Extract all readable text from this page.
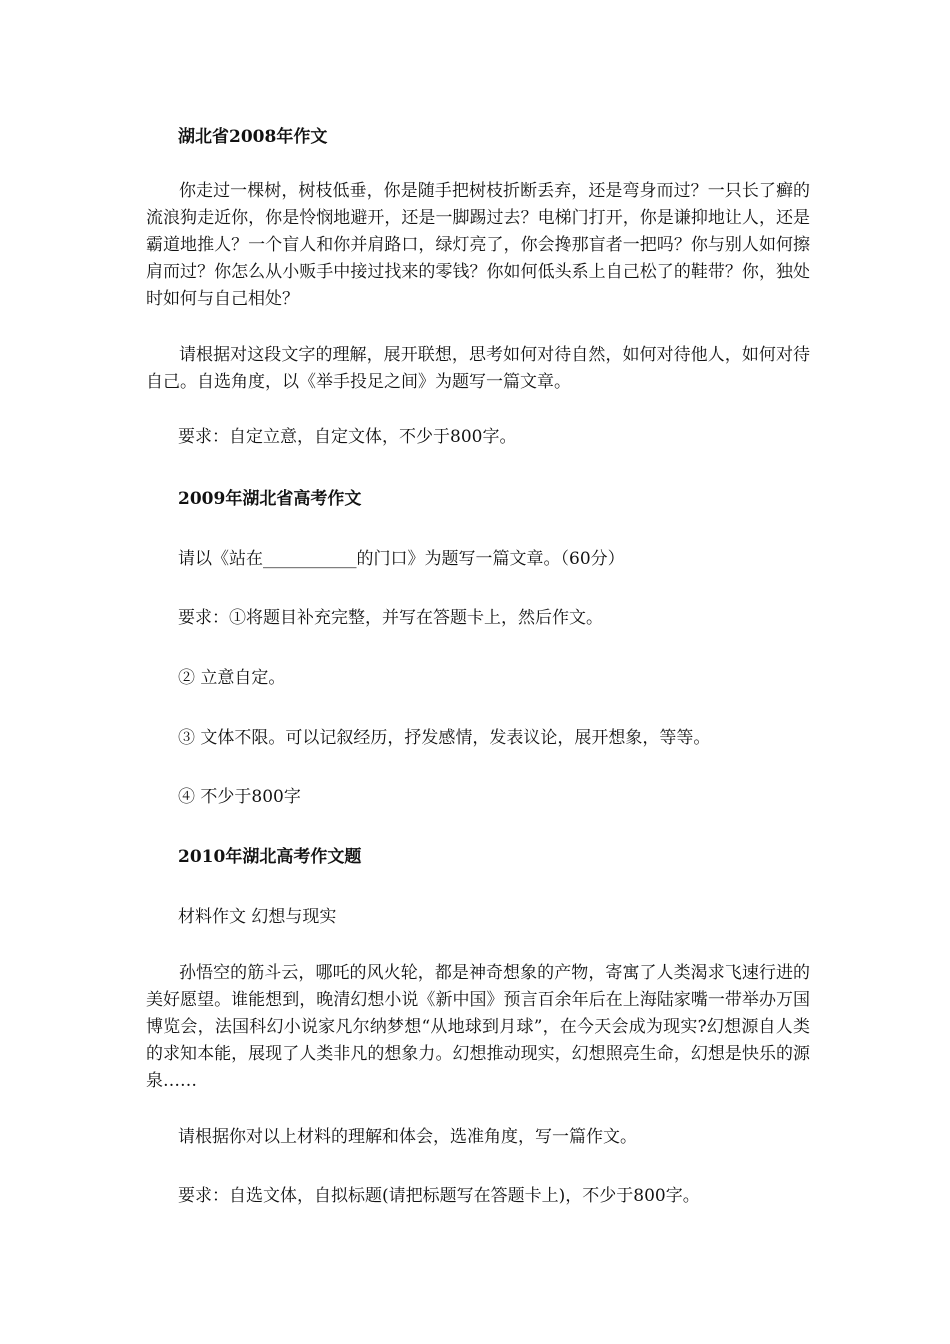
湖北省2008年作文

你走过一棵树，树枝低垂，你是随手把树枝折断丢弃，还是弯身而过？一只长了癣的流浪狗走近你，你是怜悯地避开，还是一脚踢过去？电梯门打开，你是谦抑地让人，还是霸道地推人？一个盲人和你并肩路口，绿灯亮了，你会搀那盲者一把吗？你与别人如何擦肩而过？你怎么从小贩手中接过找来的零钱？你如何低头系上自己松了的鞋带？你，独处时如何与自己相处？

请根据对这段文字的理解，展开联想，思考如何对待自然，如何对待他人，如何对待自己。自选角度，以《举手投足之间》为题写一篇文章。

要求：自定立意，自定文体，不少于800字。

2009年湖北省高考作文

请以《站在___________的门口》为题写一篇文章。（60分）

要求：①将题目补充完整，并写在答题卡上，然后作文。

② 立意自定。

③ 文体不限。可以记叙经历，抒发感情，发表议论，展开想象，等等。

④ 不少于800字

2010年湖北高考作文题

材料作文 幻想与现实

孙悟空的筋斗云，哪吒的风火轮，都是神奇想象的产物，寄寓了人类渴求飞速行进的美好愿望。谁能想到，晚清幻想小说《新中国》预言百余年后在上海陆家嘴一带举办万国博览会，法国科幻小说家凡尔纳梦想“从地球到月球”，在今天会成为现实?幻想源自人类的求知本能，展现了人类非凡的想象力。幻想推动现实，幻想照亮生命，幻想是快乐的源泉……

请根据你对以上材料的理解和体会，选准角度，写一篇作文。

要求：自选文体，自拟标题(请把标题写在答题卡上)，不少于800字。
